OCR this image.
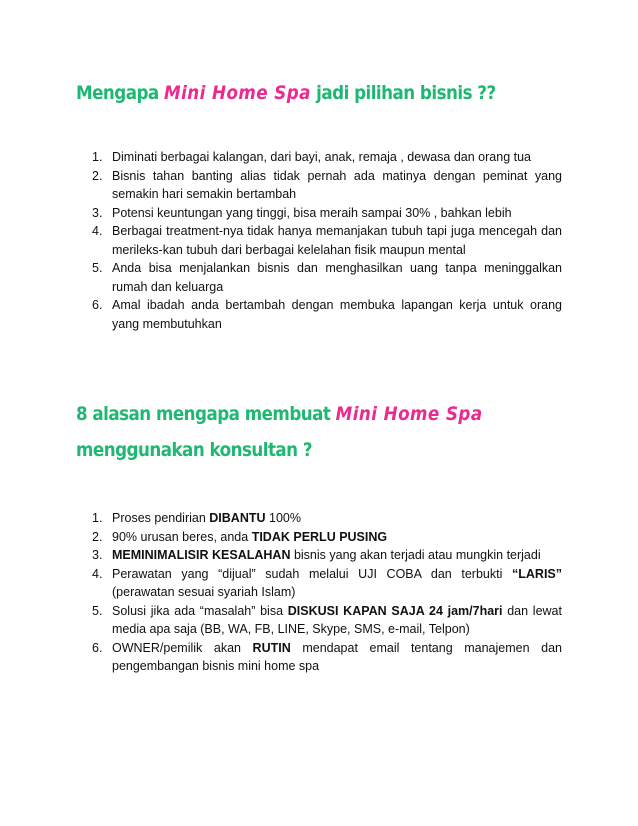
Mengapa Mini Home Spa jadi pilihan bisnis ??
1. Diminati berbagai kalangan, dari bayi, anak, remaja , dewasa dan orang tua
2. Bisnis tahan banting alias tidak pernah ada matinya dengan peminat yang semakin hari semakin bertambah
3. Potensi keuntungan yang tinggi, bisa meraih sampai 30% , bahkan lebih
4. Berbagai treatment-nya tidak hanya memanjakan tubuh tapi juga mencegah dan merileks-kan tubuh dari berbagai kelelahan fisik maupun mental
5. Anda bisa menjalankan bisnis dan menghasilkan uang tanpa meninggalkan rumah dan keluarga
6. Amal ibadah anda bertambah dengan membuka lapangan kerja untuk orang yang membutuhkan
8 alasan mengapa membuat Mini Home Spa
menggunakan konsultan ?
1. Proses pendirian DIBANTU 100%
2. 90% urusan beres, anda TIDAK PERLU PUSING
3. MEMINIMALISIR KESALAHAN bisnis yang akan terjadi atau mungkin terjadi
4. Perawatan yang “dijual” sudah melalui UJI COBA dan terbukti “LARIS” (perawatan sesuai syariah Islam)
5. Solusi jika ada “masalah” bisa DISKUSI KAPAN SAJA 24 jam/7hari dan lewat media apa saja (BB, WA, FB, LINE, Skype, SMS, e-mail, Telpon)
6. OWNER/pemilik akan RUTIN mendapat email tentang manajemen dan pengembangan bisnis mini home spa
